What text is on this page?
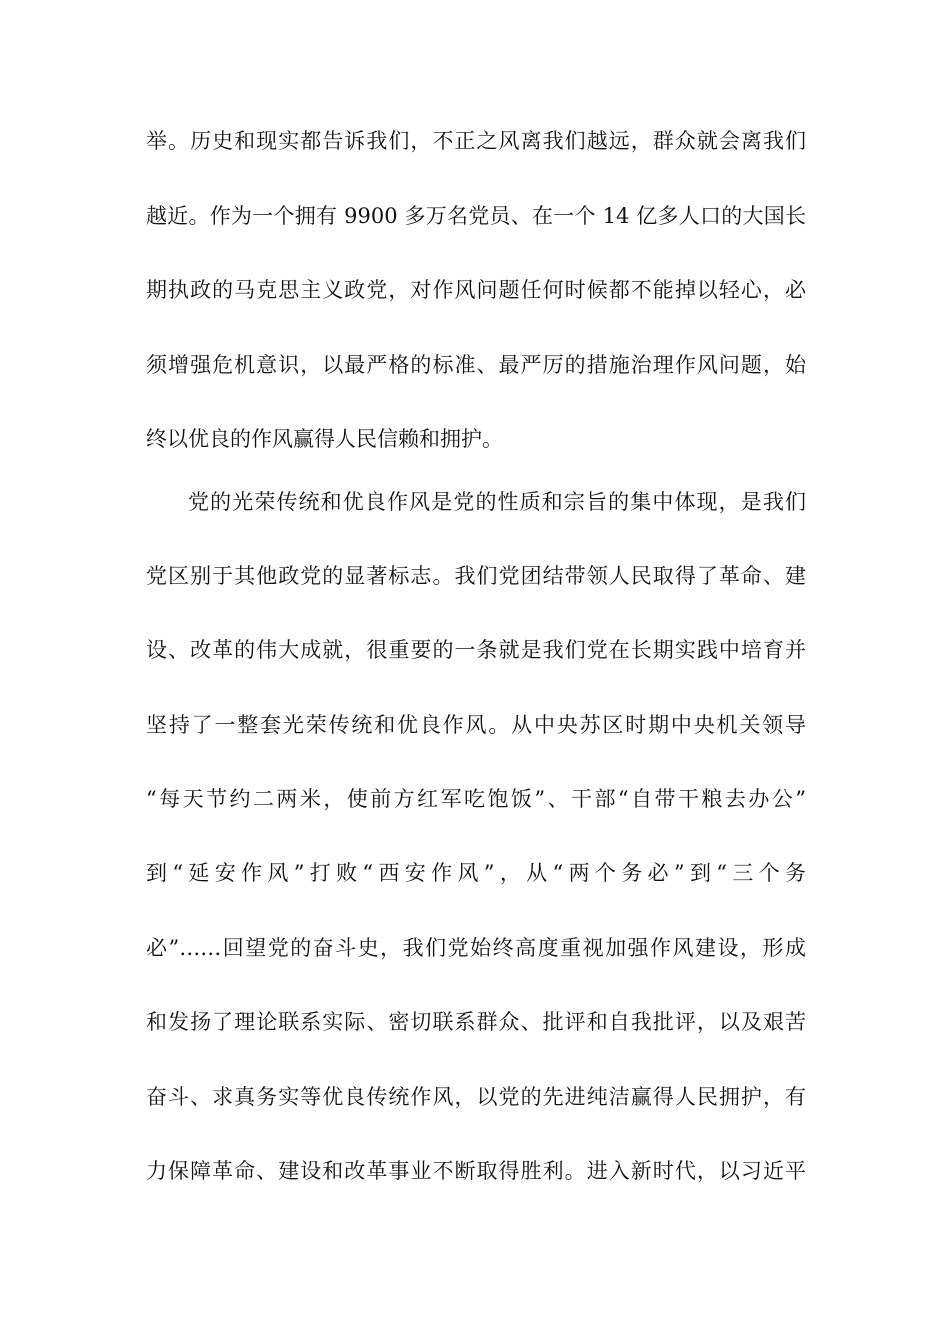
举。历史和现实都告诉我们，不正之风离我们越远，群众就会离我们
越近。作为一个拥有 9900 多万名党员、在一个 14 亿多人口的大国长
期执政的马克思主义政党，对作风问题任何时候都不能掉以轻心，必
须增强危机意识，以最严格的标准、最严厉的措施治理作风问题，始
终以优良的作风赢得人民信赖和拥护。
党的光荣传统和优良作风是党的性质和宗旨的集中体现，是我们
党区别于其他政党的显著标志。我们党团结带领人民取得了革命、建
设、改革的伟大成就，很重要的一条就是我们党在长期实践中培育并
坚持了一整套光荣传统和优良作风。从中央苏区时期中央机关领导
“每天节约二两米，使前方红军吃饱饭”、干部“自带干粮去办公”
到“延安作风”打败“西安作风”，从“两个务必”到“三个务
必”……回望党的奋斗史，我们党始终高度重视加强作风建设，形成
和发扬了理论联系实际、密切联系群众、批评和自我批评，以及艰苦
奋斗、求真务实等优良传统作风，以党的先进纯洁赢得人民拥护，有
力保障革命、建设和改革事业不断取得胜利。进入新时代，以习近平
